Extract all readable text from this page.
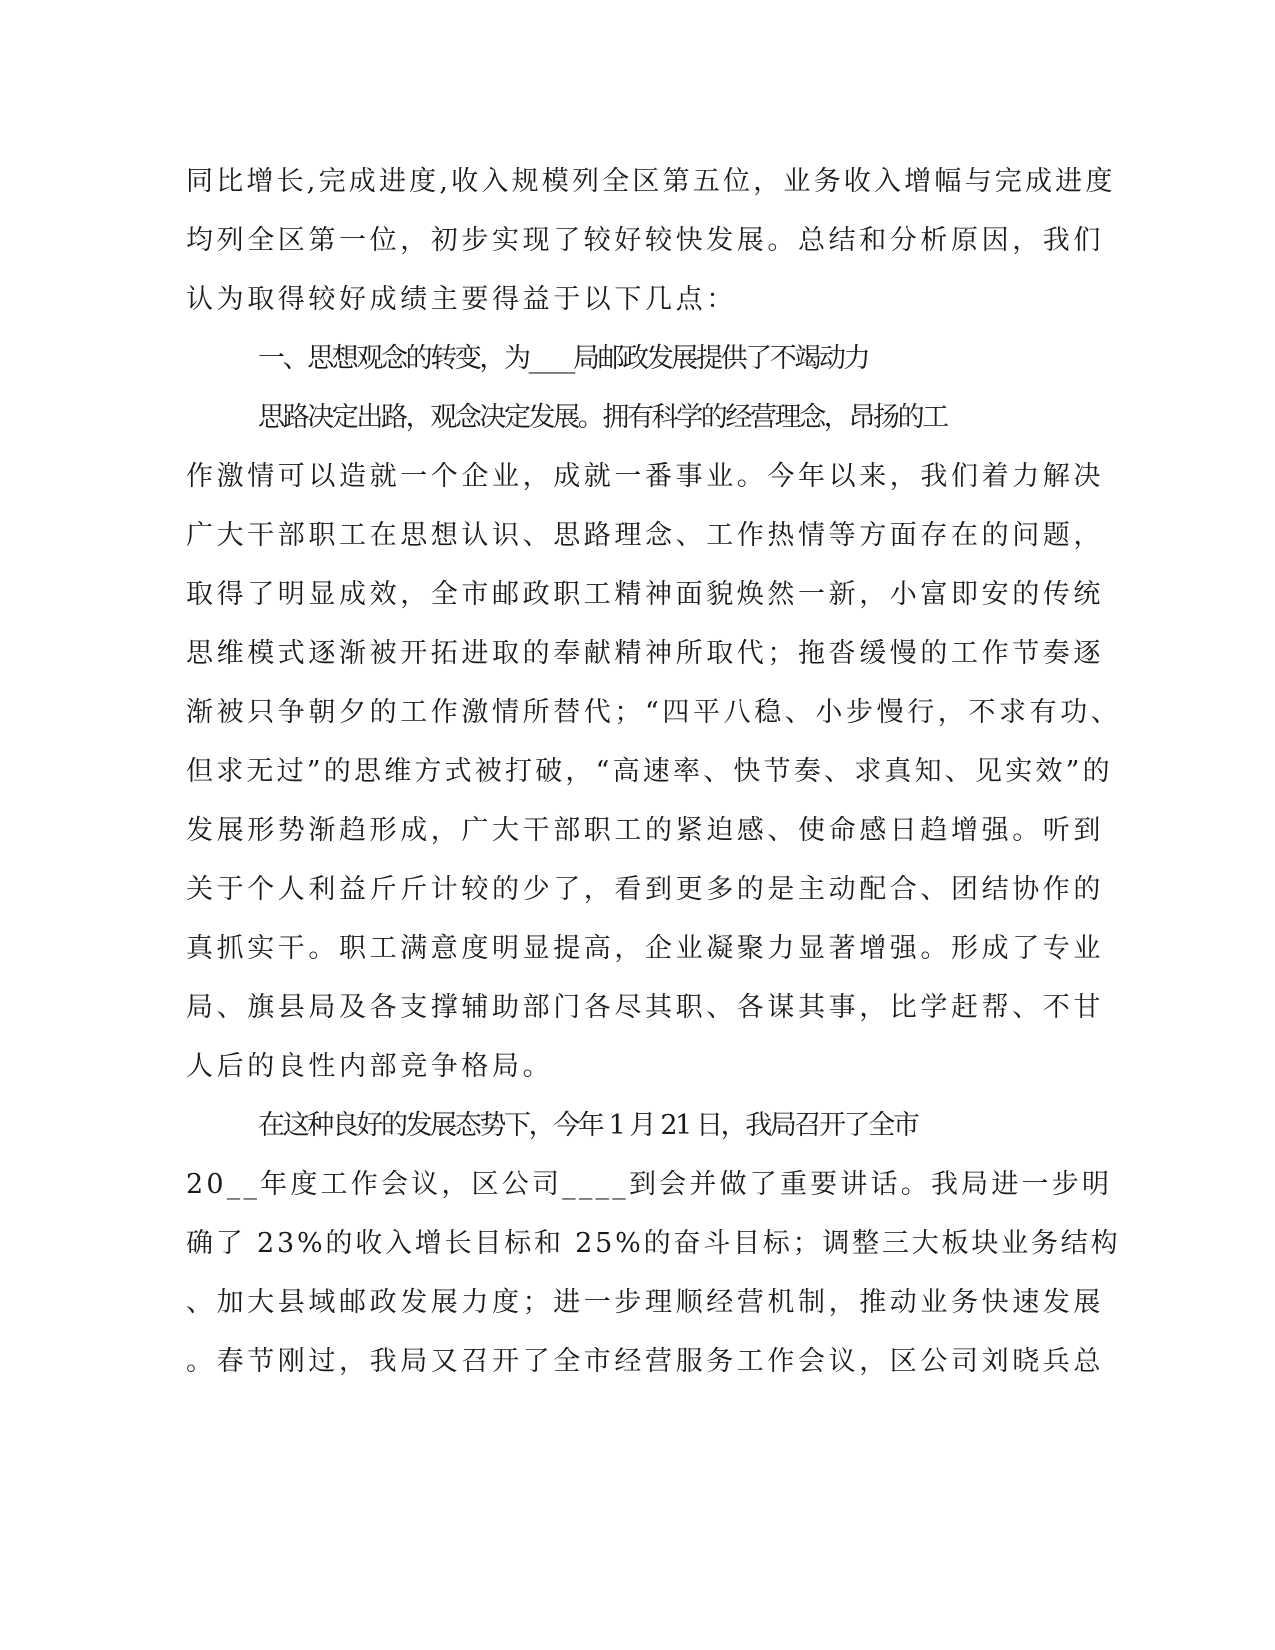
同比增长,完成进度,收入规模列全区第五位，业务收入增幅与完成进度

均列全区第一位，初步实现了较好较快发展。总结和分析原因，我们

认为取得较好成绩主要得益于以下几点：

一、思想观念的转变，为____局邮政发展提供了不竭动力

思路决定出路，观念决定发展。拥有科学的经营理念，昂扬的工

作激情可以造就一个企业，成就一番事业。今年以来，我们着力解决

广大干部职工在思想认识、思路理念、工作热情等方面存在的问题，

取得了明显成效，全市邮政职工精神面貌焕然一新，小富即安的传统

思维模式逐渐被开拓进取的奉献精神所取代；拖沓缓慢的工作节奏逐

渐被只争朝夕的工作激情所替代；“四平八稳、小步慢行，不求有功、

但求无过”的思维方式被打破，“高速率、快节奏、求真知、见实效”的

发展形势渐趋形成，广大干部职工的紧迫感、使命感日趋增强。听到

关于个人利益斤斤计较的少了，看到更多的是主动配合、团结协作的

真抓实干。职工满意度明显提高，企业凝聚力显著增强。形成了专业

局、旗县局及各支撑辅助部门各尽其职、各谋其事，比学赶帮、不甘

人后的良性内部竞争格局。

在这种良好的发展态势下，今年 1 月 21 日，我局召开了全市

20__年度工作会议，区公司____到会并做了重要讲话。我局进一步明

确了 23%的收入增长目标和 25%的奋斗目标；调整三大板块业务结构

、加大县域邮政发展力度；进一步理顺经营机制，推动业务快速发展

。春节刚过，我局又召开了全市经营服务工作会议，区公司刘晓兵总
